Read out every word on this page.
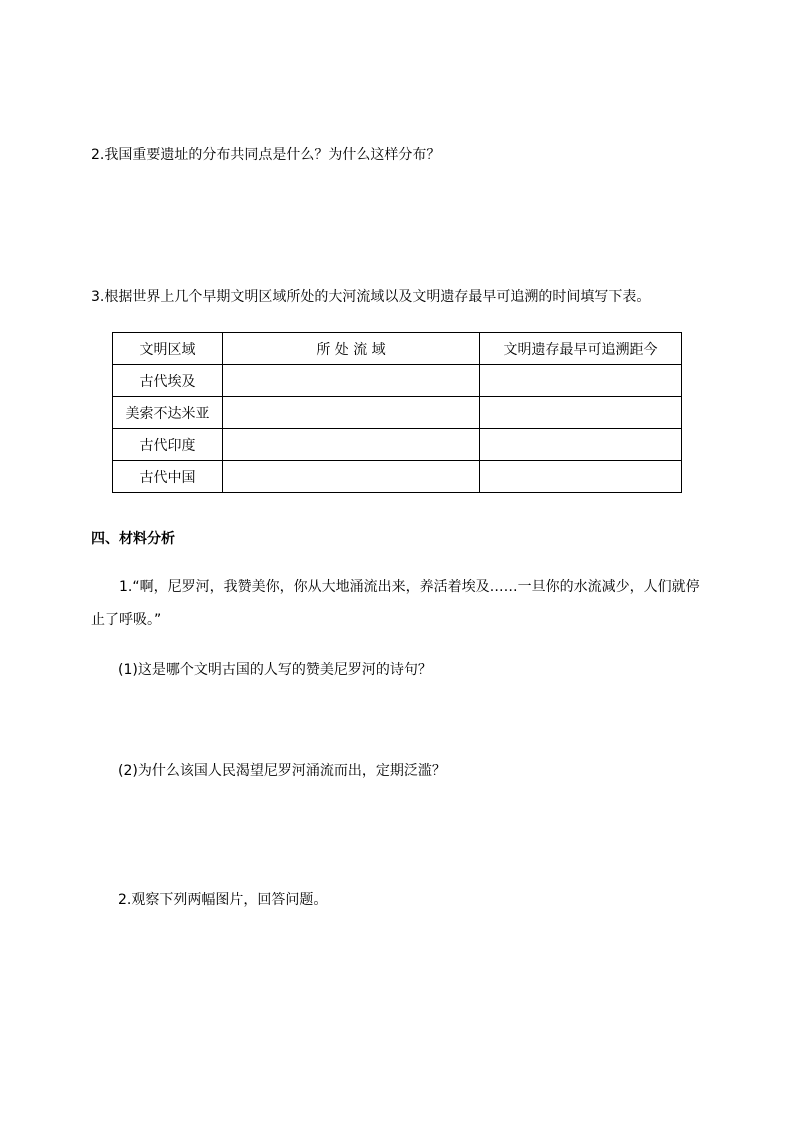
2.我国重要遗址的分布共同点是什么？为什么这样分布？
3.根据世界上几个早期文明区域所处的大河流域以及文明遗存最早可追溯的时间填写下表。
文明区域	所 处 流 域	文明遗存最早可追溯距今
古代埃及		
美索不达米亚		
古代印度		
古代中国		
四、材料分析
1.“啊，尼罗河，我赞美你，你从大地涌流出来，养活着埃及……一旦你的水流减少，人们就停止了呼吸。”
(1)这是哪个文明古国的人写的赞美尼罗河的诗句？
(2)为什么该国人民渴望尼罗河涌流而出，定期泛滥？
2.观察下列两幅图片，回答问题。
